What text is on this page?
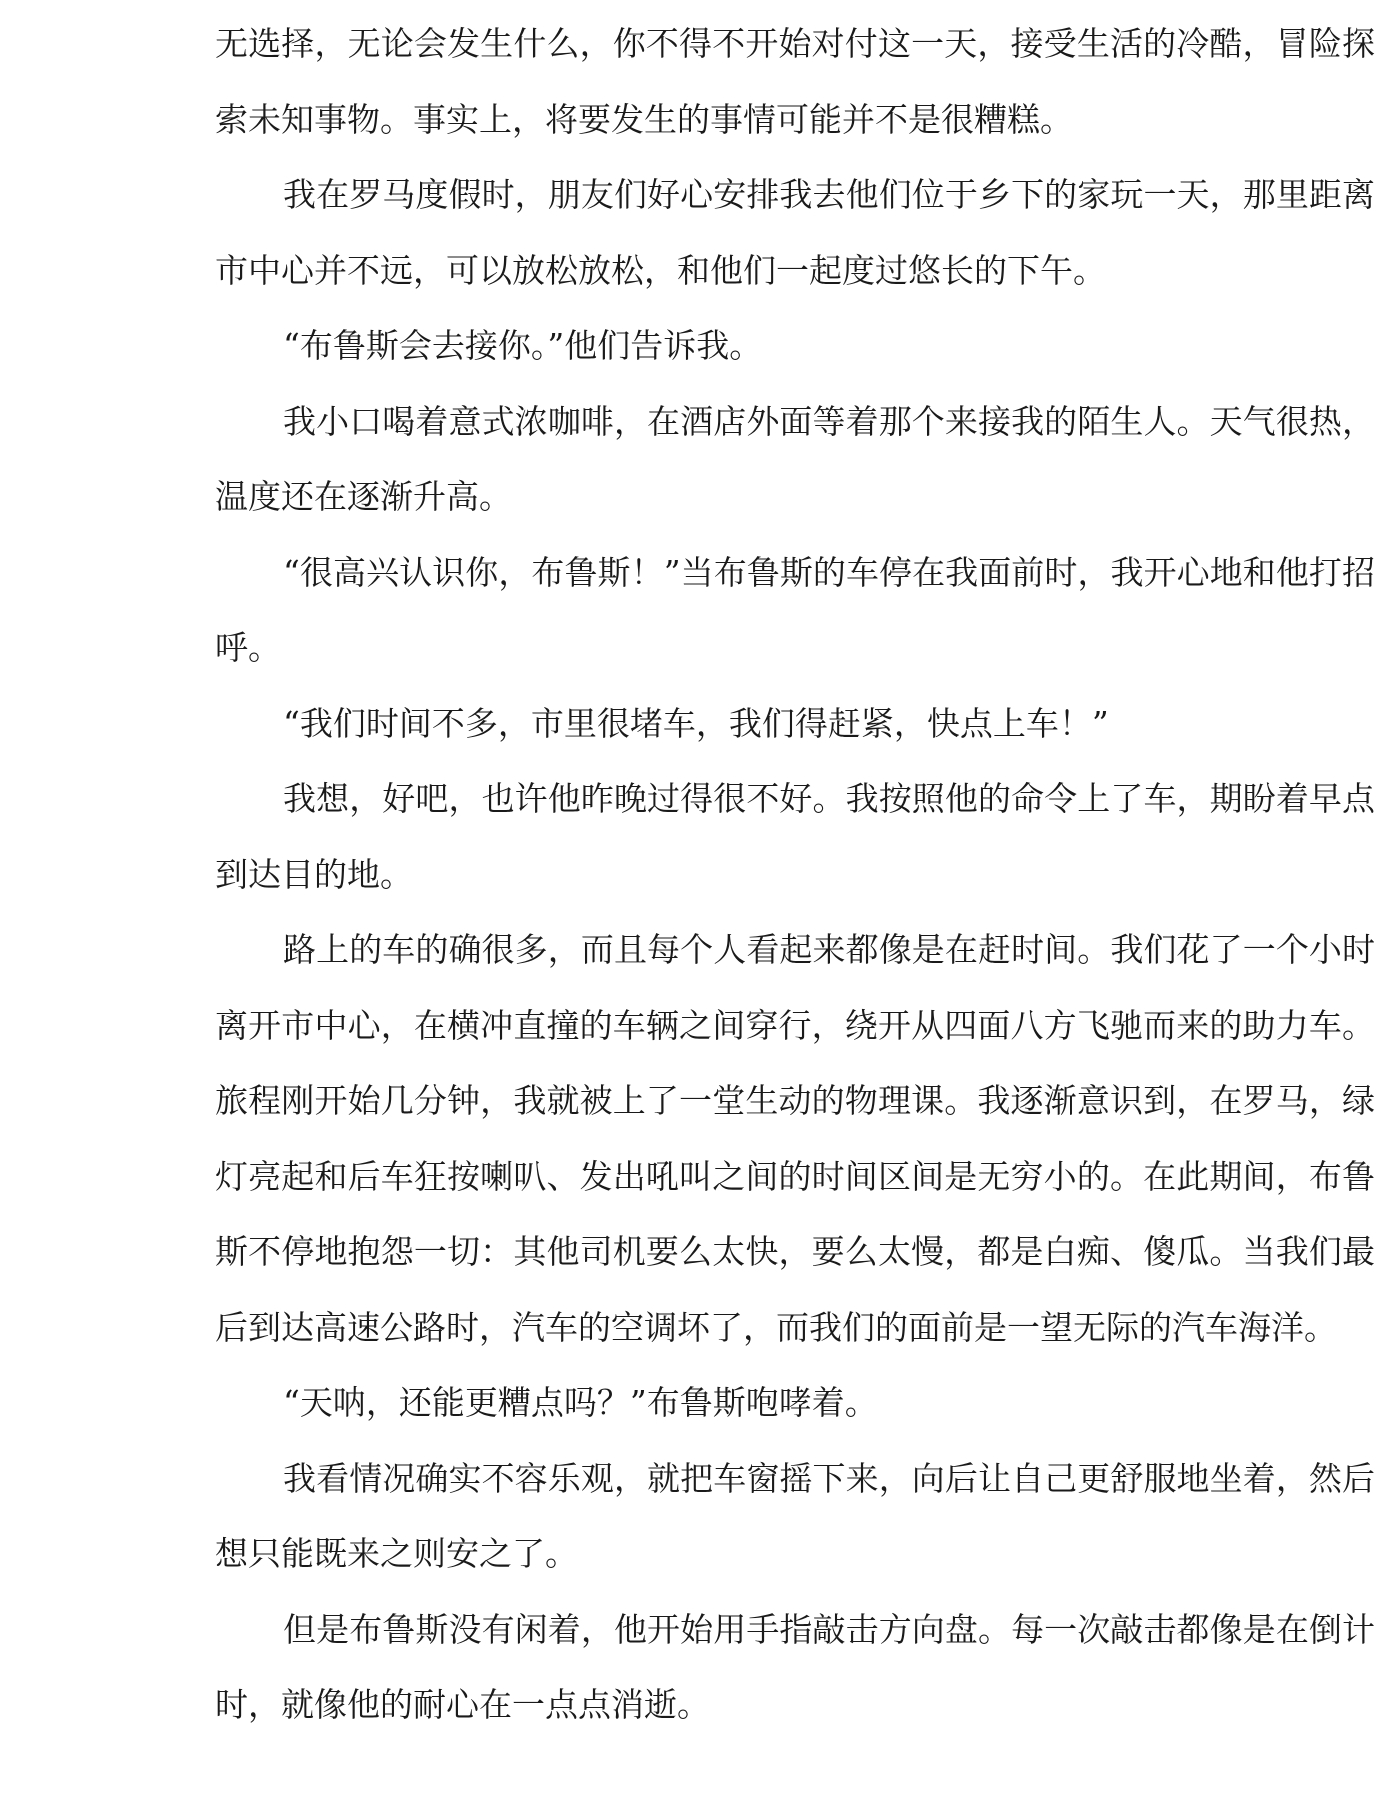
无选择，无论会发生什么，你不得不开始对付这一天，接受生活的冷酷，冒险探索未知事物。事实上，将要发生的事情可能并不是很糟糕。

我在罗马度假时，朋友们好心安排我去他们位于乡下的家玩一天，那里距离市中心并不远，可以放松放松，和他们一起度过悠长的下午。

“布鲁斯会去接你。”他们告诉我。

我小口喝着意式浓咖啡，在酒店外面等着那个来接我的陌生人。天气很热，温度还在逐渐升高。

“很高兴认识你，布鲁斯！”当布鲁斯的车停在我面前时，我开心地和他打招呼。

“我们时间不多，市里很堵车，我们得赶紧，快点上车！”

我想，好吧，也许他昨晚过得很不好。我按照他的命令上了车，期盼着早点到达目的地。

路上的车的确很多，而且每个人看起来都像是在赶时间。我们花了一个小时离开市中心，在横冲直撞的车辆之间穿行，绕开从四面八方飞驰而来的助力车。旅程刚开始几分钟，我就被上了一堂生动的物理课。我逐渐意识到，在罗马，绿灯亮起和后车狂按喇叭、发出吼叫之间的时间区间是无穷小的。在此期间，布鲁斯不停地抱怨一切：其他司机要么太快，要么太慢，都是白痴、傻瓜。当我们最后到达高速公路时，汽车的空调坏了，而我们的面前是一望无际的汽车海洋。

“天呐，还能更糟点吗？”布鲁斯咆哮着。

我看情况确实不容乐观，就把车窗摇下来，向后让自己更舒服地坐着，然后想只能既来之则安之了。

但是布鲁斯没有闲着，他开始用手指敲击方向盘。每一次敲击都像是在倒计时，就像他的耐心在一点点消逝。
